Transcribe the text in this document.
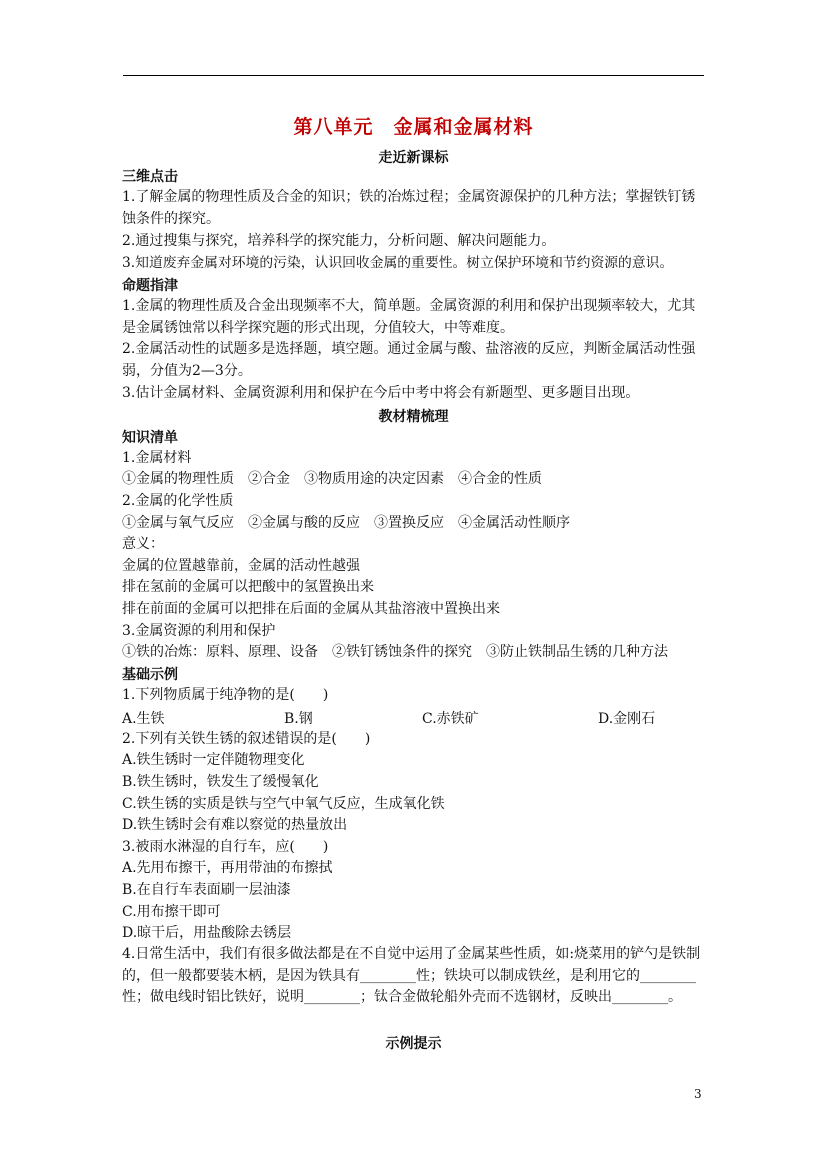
第八单元　金属和金属材料
走近新课标
三维点击
1.了解金属的物理性质及合金的知识；铁的冶炼过程；金属资源保护的几种方法；掌握铁钉锈蚀条件的探究。
2.通过搜集与探究，培养科学的探究能力，分析问题、解决问题能力。
3.知道废弃金属对环境的污染，认识回收金属的重要性。树立保护环境和节约资源的意识。
命题指津
1.金属的物理性质及合金出现频率不大，简单题。金属资源的利用和保护出现频率较大，尤其是金属锈蚀常以科学探究题的形式出现，分值较大，中等难度。
2.金属活动性的试题多是选择题，填空题。通过金属与酸、盐溶液的反应，判断金属活动性强弱，分值为2—3分。
3.估计金属材料、金属资源利用和保护在今后中考中将会有新题型、更多题目出现。
教材精梳理
知识清单
1.金属材料
①金属的物理性质　②合金　③物质用途的决定因素　④合金的性质
2.金属的化学性质
①金属与氧气反应　②金属与酸的反应　③置换反应　④金属活动性顺序
意义：
金属的位置越靠前，金属的活动性越强
排在氢前的金属可以把酸中的氢置换出来
排在前面的金属可以把排在后面的金属从其盐溶液中置换出来
3.金属资源的利用和保护
①铁的冶炼：原料、原理、设备　②铁钉锈蚀条件的探究　③防止铁制品生锈的几种方法
基础示例
1.下列物质属于纯净物的是(　　)
A.生铁	B.钢	C.赤铁矿	D.金刚石
2.下列有关铁生锈的叙述错误的是(　　)
A.铁生锈时一定伴随物理变化
B.铁生锈时，铁发生了缓慢氧化
C.铁生锈的实质是铁与空气中氧气反应，生成氧化铁
D.铁生锈时会有难以察觉的热量放出
3.被雨水淋湿的自行车，应(　　)
A.先用布擦干，再用带油的布擦拭
B.在自行车表面刷一层油漆
C.用布擦干即可
D.晾干后，用盐酸除去锈层
4.日常生活中，我们有很多做法都是在不自觉中运用了金属某些性质，如:烧菜用的铲勺是铁制的，但一般都要装木柄，是因为铁具有________性；铁块可以制成铁丝，是利用它的________性；做电线时铝比铁好，说明________；钛合金做轮船外壳而不选钢材，反映出________。
示例提示
3
